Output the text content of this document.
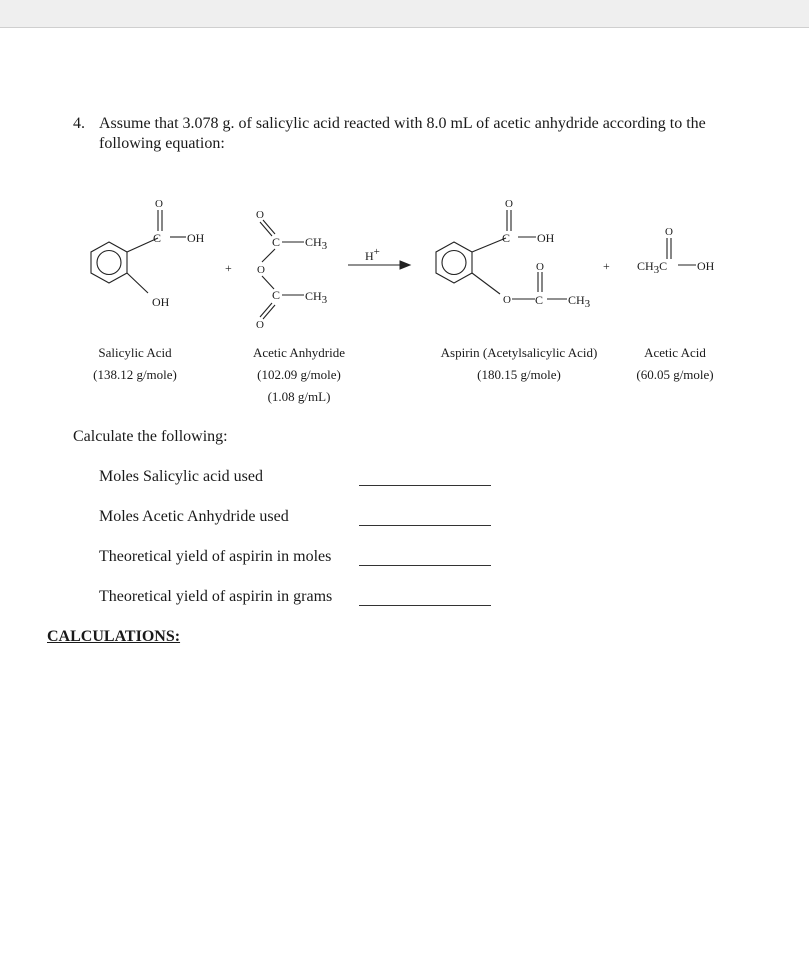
4. Assume that 3.078 g. of salicylic acid reacted with 8.0 mL of acetic anhydride according to the
following equation:
O
C OH
OH
+
O
C CH3
O
C CH3
O
H+
O
C OH
O C
O
CH3
+ CH3C
O
OH
Salicylic Acid
(138.12 g/mole)
Acetic Anhydride
(102.09 g/mole)
(1.08 g/mL)
Aspirin (Acetylsalicylic Acid)
(180.15 g/mole)
Acetic Acid
(60.05 g/mole)
Calculate the following:
Moles Salicylic acid used
Moles Acetic Anhydride used
Theoretical yield of aspirin in moles
Theoretical yield of aspirin in grams
CALCULATIONS:
